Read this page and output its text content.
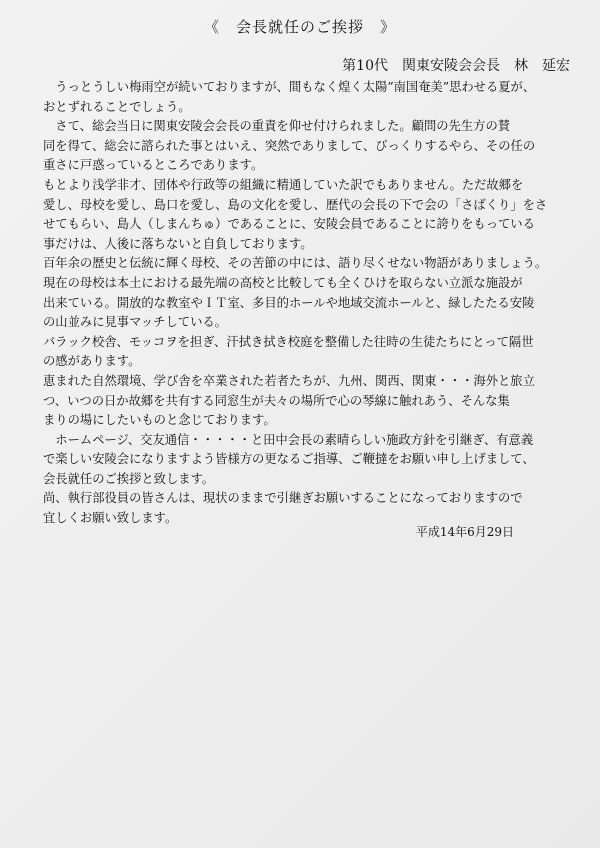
《　会長就任のご挨拶　》
第10代　関東安陵会会長　林　延宏
　うっとうしい梅雨空が続いておりますが、間もなく煌く太陽”南国奄美”思わせる夏が、
おとずれることでしょう。
　さて、総会当日に関東安陵会会長の重責を仰せ付けられました。顧問の先生方の賛
同を得て、総会に諮られた事とはいえ、突然でありまして、びっくりするやら、その任の
重さに戸惑っているところであります。
もとより浅学非才、団体や行政等の組織に精通していた訳でもありません。ただ故郷を
愛し、母校を愛し、島口を愛し、島の文化を愛し、歴代の会長の下で会の「さばくり」をさ
せてもらい、島人（しまんちゅ）であることに、安陵会員であることに誇りをもっている
事だけは、人後に落ちないと自負しております。
百年余の歴史と伝統に輝く母校、その苦節の中には、語り尽くせない物語がありましょう。
現在の母校は本土における最先端の高校と比較しても全くひけを取らない立派な施設が
出来ている。開放的な教室やＩＴ室、多目的ホールや地域交流ホールと、緑したたる安陵
の山並みに見事マッチしている。
バラック校舎、モッコヲを担ぎ、汗拭き拭き校庭を整備した往時の生徒たちにとって隔世
の感があります。
恵まれた自然環境、学び舎を卒業された若者たちが、九州、関西、関東・・・海外と旅立
つ、いつの日か故郷を共有する同窓生が夫々の場所で心の琴線に触れあう、そんな集
まりの場にしたいものと念じております。
　ホームページ、交友通信・・・・・と田中会長の素晴らしい施政方針を引継ぎ、有意義
で楽しい安陵会になりますよう皆様方の更なるご指導、ご鞭撻をお願い申し上げまして、
会長就任のご挨拶と致します。
尚、執行部役員の皆さんは、現状のままで引継ぎお願いすることになっておりますので
宜しくお願い致します。
平成14年6月29日
